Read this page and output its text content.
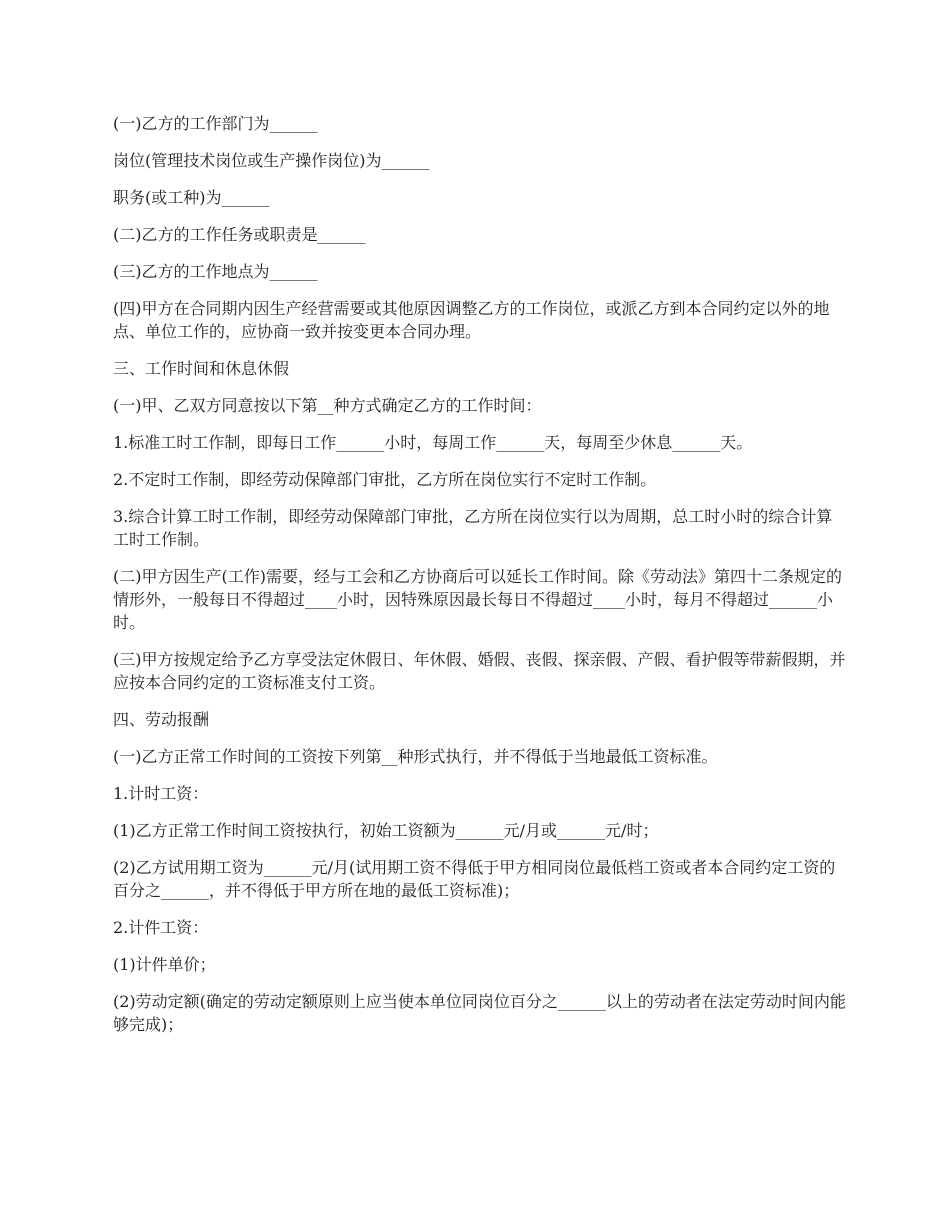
(一)乙方的工作部门为______

岗位(管理技术岗位或生产操作岗位)为______

职务(或工种)为______

(二)乙方的工作任务或职责是______

(三)乙方的工作地点为______

(四)甲方在合同期内因生产经营需要或其他原因调整乙方的工作岗位，或派乙方到本合同约定以外的地点、单位工作的，应协商一致并按变更本合同办理。

三、工作时间和休息休假

(一)甲、乙双方同意按以下第__种方式确定乙方的工作时间：

1.标准工时工作制，即每日工作______小时，每周工作______天，每周至少休息______天。

2.不定时工作制，即经劳动保障部门审批，乙方所在岗位实行不定时工作制。

3.综合计算工时工作制，即经劳动保障部门审批，乙方所在岗位实行以为周期，总工时小时的综合计算工时工作制。

(二)甲方因生产(工作)需要，经与工会和乙方协商后可以延长工作时间。除《劳动法》第四十二条规定的情形外，一般每日不得超过____小时，因特殊原因最长每日不得超过____小时，每月不得超过______小时。

(三)甲方按规定给予乙方享受法定休假日、年休假、婚假、丧假、探亲假、产假、看护假等带薪假期，并应按本合同约定的工资标准支付工资。

四、劳动报酬

(一)乙方正常工作时间的工资按下列第__种形式执行，并不得低于当地最低工资标准。

1.计时工资：

(1)乙方正常工作时间工资按执行，初始工资额为______元/月或______元/时；

(2)乙方试用期工资为______元/月(试用期工资不得低于甲方相同岗位最低档工资或者本合同约定工资的百分之______，并不得低于甲方所在地的最低工资标准)；

2.计件工资：

(1)计件单价；

(2)劳动定额(确定的劳动定额原则上应当使本单位同岗位百分之______以上的劳动者在法定劳动时间内能够完成)；
